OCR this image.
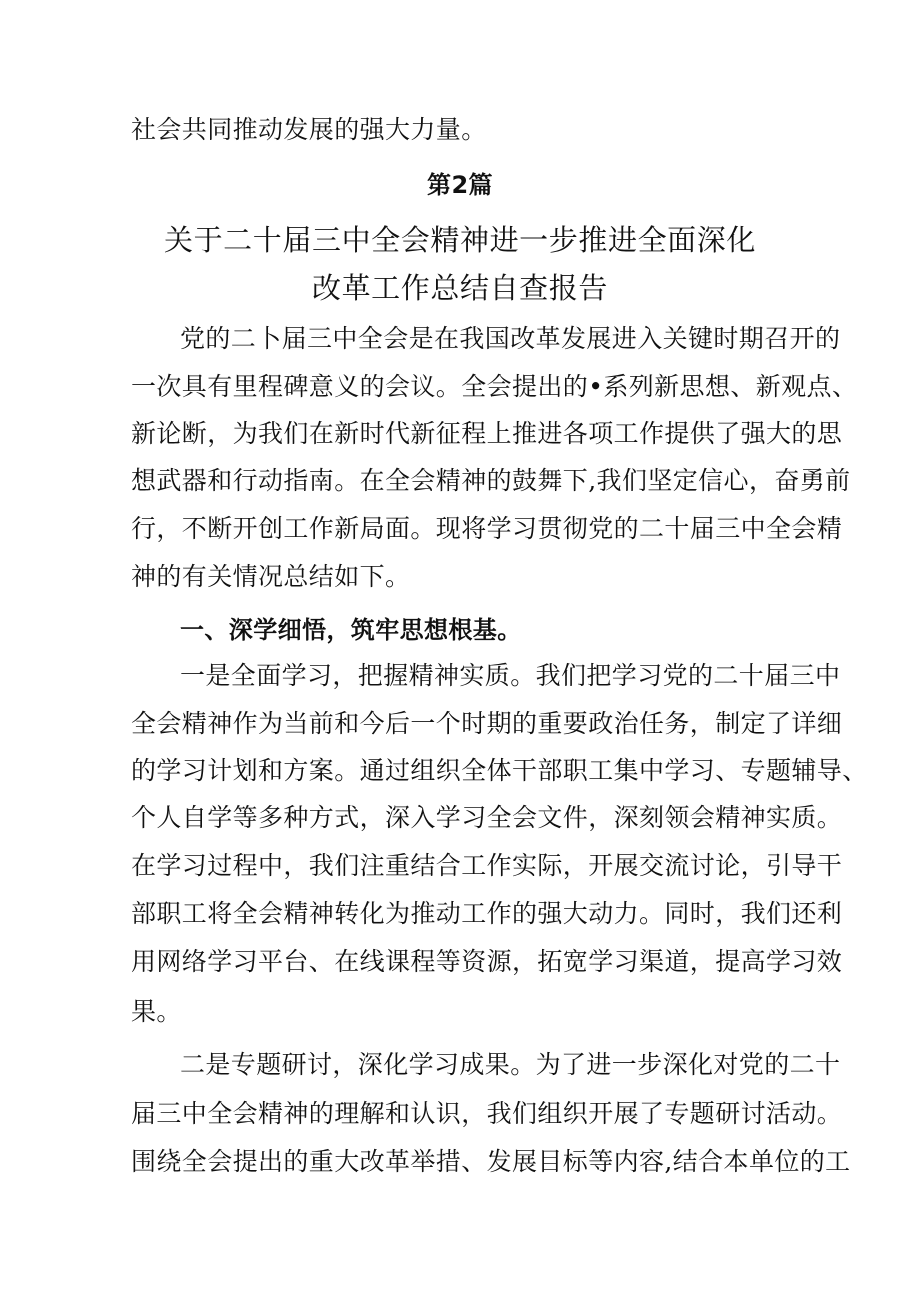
社会共同推动发展的强大力量。
第2篇
关于二十届三中全会精神进一步推进全面深化
改革工作总结自查报告
党的二卜届三中全会是在我国改革发展进入关键时期召开的
一次具有里程碑意义的会议。全会提出的•系列新思想、新观点、
新论断，为我们在新时代新征程上推进各项工作提供了强大的思
想武器和行动指南。在全会精神的鼓舞下,我们坚定信心，奋勇前
行，不断开创工作新局面。现将学习贯彻党的二十届三中全会精
神的有关情况总结如下。
一、深学细悟，筑牢思想根基。
一是全面学习，把握精神实质。我们把学习党的二十届三中
全会精神作为当前和今后一个时期的重要政治任务，制定了详细
的学习计划和方案。通过组织全体干部职工集中学习、专题辅导、
个人自学等多种方式，深入学习全会文件，深刻领会精神实质。
在学习过程中，我们注重结合工作实际，开展交流讨论，引导干
部职工将全会精神转化为推动工作的强大动力。同时，我们还利
用网络学习平台、在线课程等资源，拓宽学习渠道，提高学习效
果。
二是专题研讨，深化学习成果。为了进一步深化对党的二十
届三中全会精神的理解和认识，我们组织开展了专题研讨活动。
围绕全会提出的重大改革举措、发展目标等内容,结合本单位的工
